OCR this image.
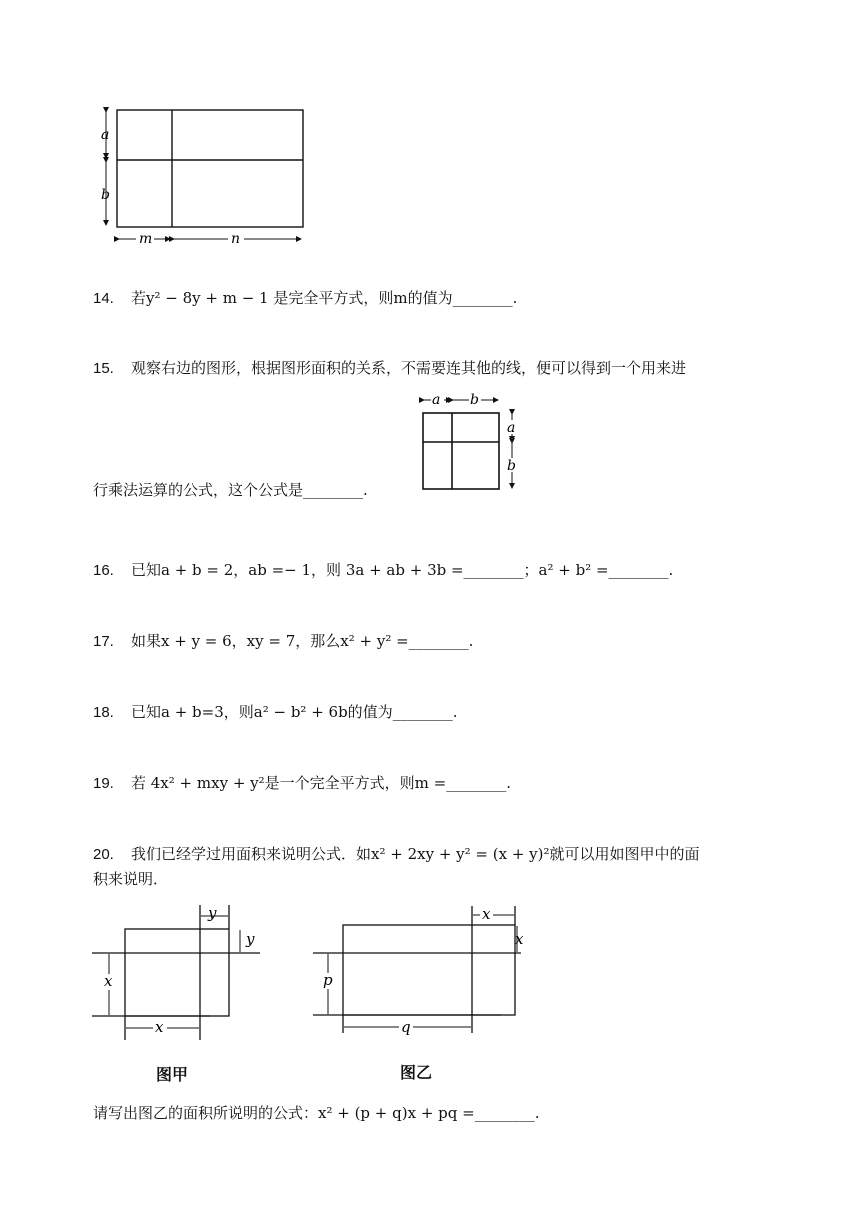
a
b
m	n
14. 若y² − 8y + m − 1 是完全平方式，则m的值为________.
15. 观察右边的图形，根据图形面积的关系，不需要连其他的线，便可以得到一个用来进
行乘法运算的公式，这个公式是________.
a b
a
b
16. 已知a + b = 2，ab =− 1，则 3a + ab + 3b =________；a² + b² =________.
17. 如果x + y = 6，xy = 7，那么x² + y² =________.
18. 已知a + b=3，则a² − b² + 6b的值为________.
19. 若 4x² + mxy + y²是一个完全平方式，则m =________.
20. 我们已经学过用面积来说明公式．如x² + 2xy + y² = (x + y)²就可以用如图甲中的面
积来说明．
y
y
x
x
图甲
x
x
p
q
图乙
请写出图乙的面积所说明的公式：x² + (p + q)x + pq =________.
